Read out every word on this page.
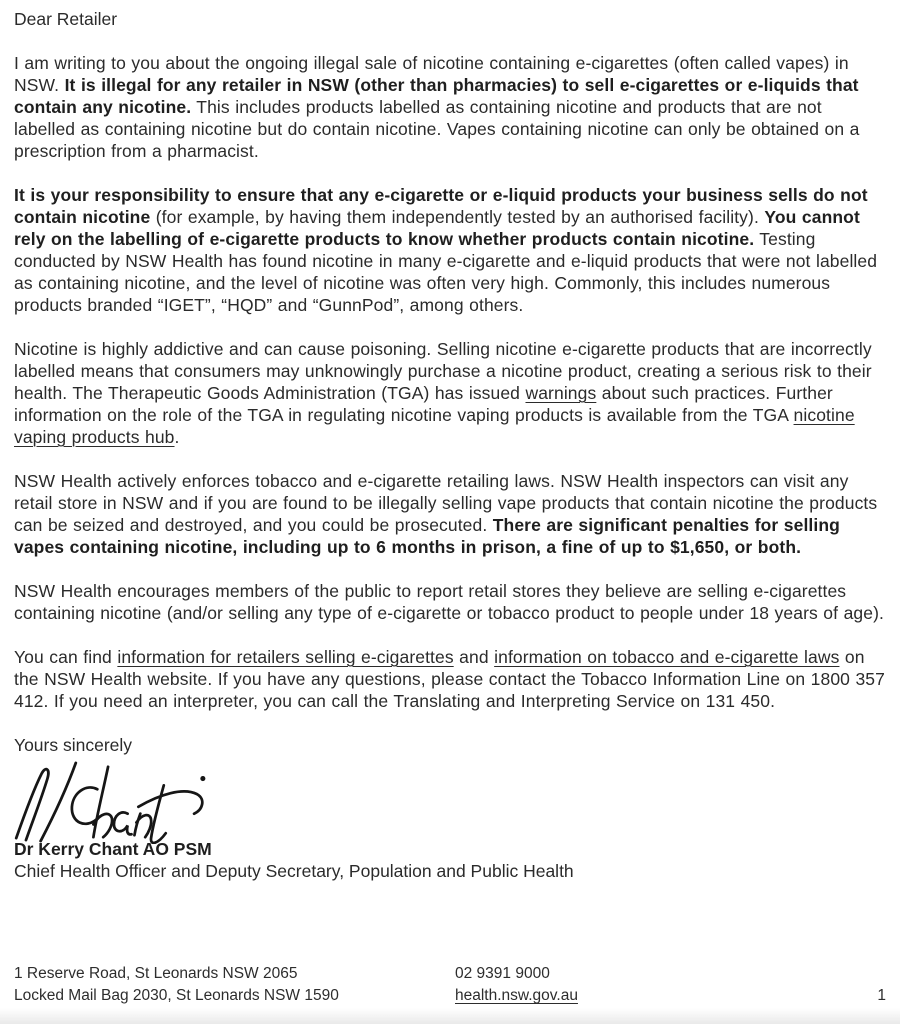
Dear Retailer

I am writing to you about the ongoing illegal sale of nicotine containing e-cigarettes (often called vapes) in NSW. It is illegal for any retailer in NSW (other than pharmacies) to sell e-cigarettes or e-liquids that contain any nicotine. This includes products labelled as containing nicotine and products that are not labelled as containing nicotine but do contain nicotine. Vapes containing nicotine can only be obtained on a prescription from a pharmacist.

It is your responsibility to ensure that any e-cigarette or e-liquid products your business sells do not contain nicotine (for example, by having them independently tested by an authorised facility). You cannot rely on the labelling of e-cigarette products to know whether products contain nicotine. Testing conducted by NSW Health has found nicotine in many e-cigarette and e-liquid products that were not labelled as containing nicotine, and the level of nicotine was often very high. Commonly, this includes numerous products branded “IGET”, “HQD” and “GunnPod”, among others.

Nicotine is highly addictive and can cause poisoning. Selling nicotine e-cigarette products that are incorrectly labelled means that consumers may unknowingly purchase a nicotine product, creating a serious risk to their health. The Therapeutic Goods Administration (TGA) has issued warnings about such practices. Further information on the role of the TGA in regulating nicotine vaping products is available from the TGA nicotine vaping products hub.

NSW Health actively enforces tobacco and e-cigarette retailing laws. NSW Health inspectors can visit any retail store in NSW and if you are found to be illegally selling vape products that contain nicotine the products can be seized and destroyed, and you could be prosecuted. There are significant penalties for selling vapes containing nicotine, including up to 6 months in prison, a fine of up to $1,650, or both.

NSW Health encourages members of the public to report retail stores they believe are selling e-cigarettes containing nicotine (and/or selling any type of e-cigarette or tobacco product to people under 18 years of age).

You can find information for retailers selling e-cigarettes and information on tobacco and e-cigarette laws on the NSW Health website. If you have any questions, please contact the Tobacco Information Line on 1800 357 412. If you need an interpreter, you can call the Translating and Interpreting Service on 131 450.

Yours sincerely

Dr Kerry Chant AO PSM

Chief Health Officer and Deputy Secretary, Population and Public Health

1 Reserve Road, St Leonards NSW 2065
Locked Mail Bag 2030, St Leonards NSW 1590
02 9391 9000
health.nsw.gov.au	1
